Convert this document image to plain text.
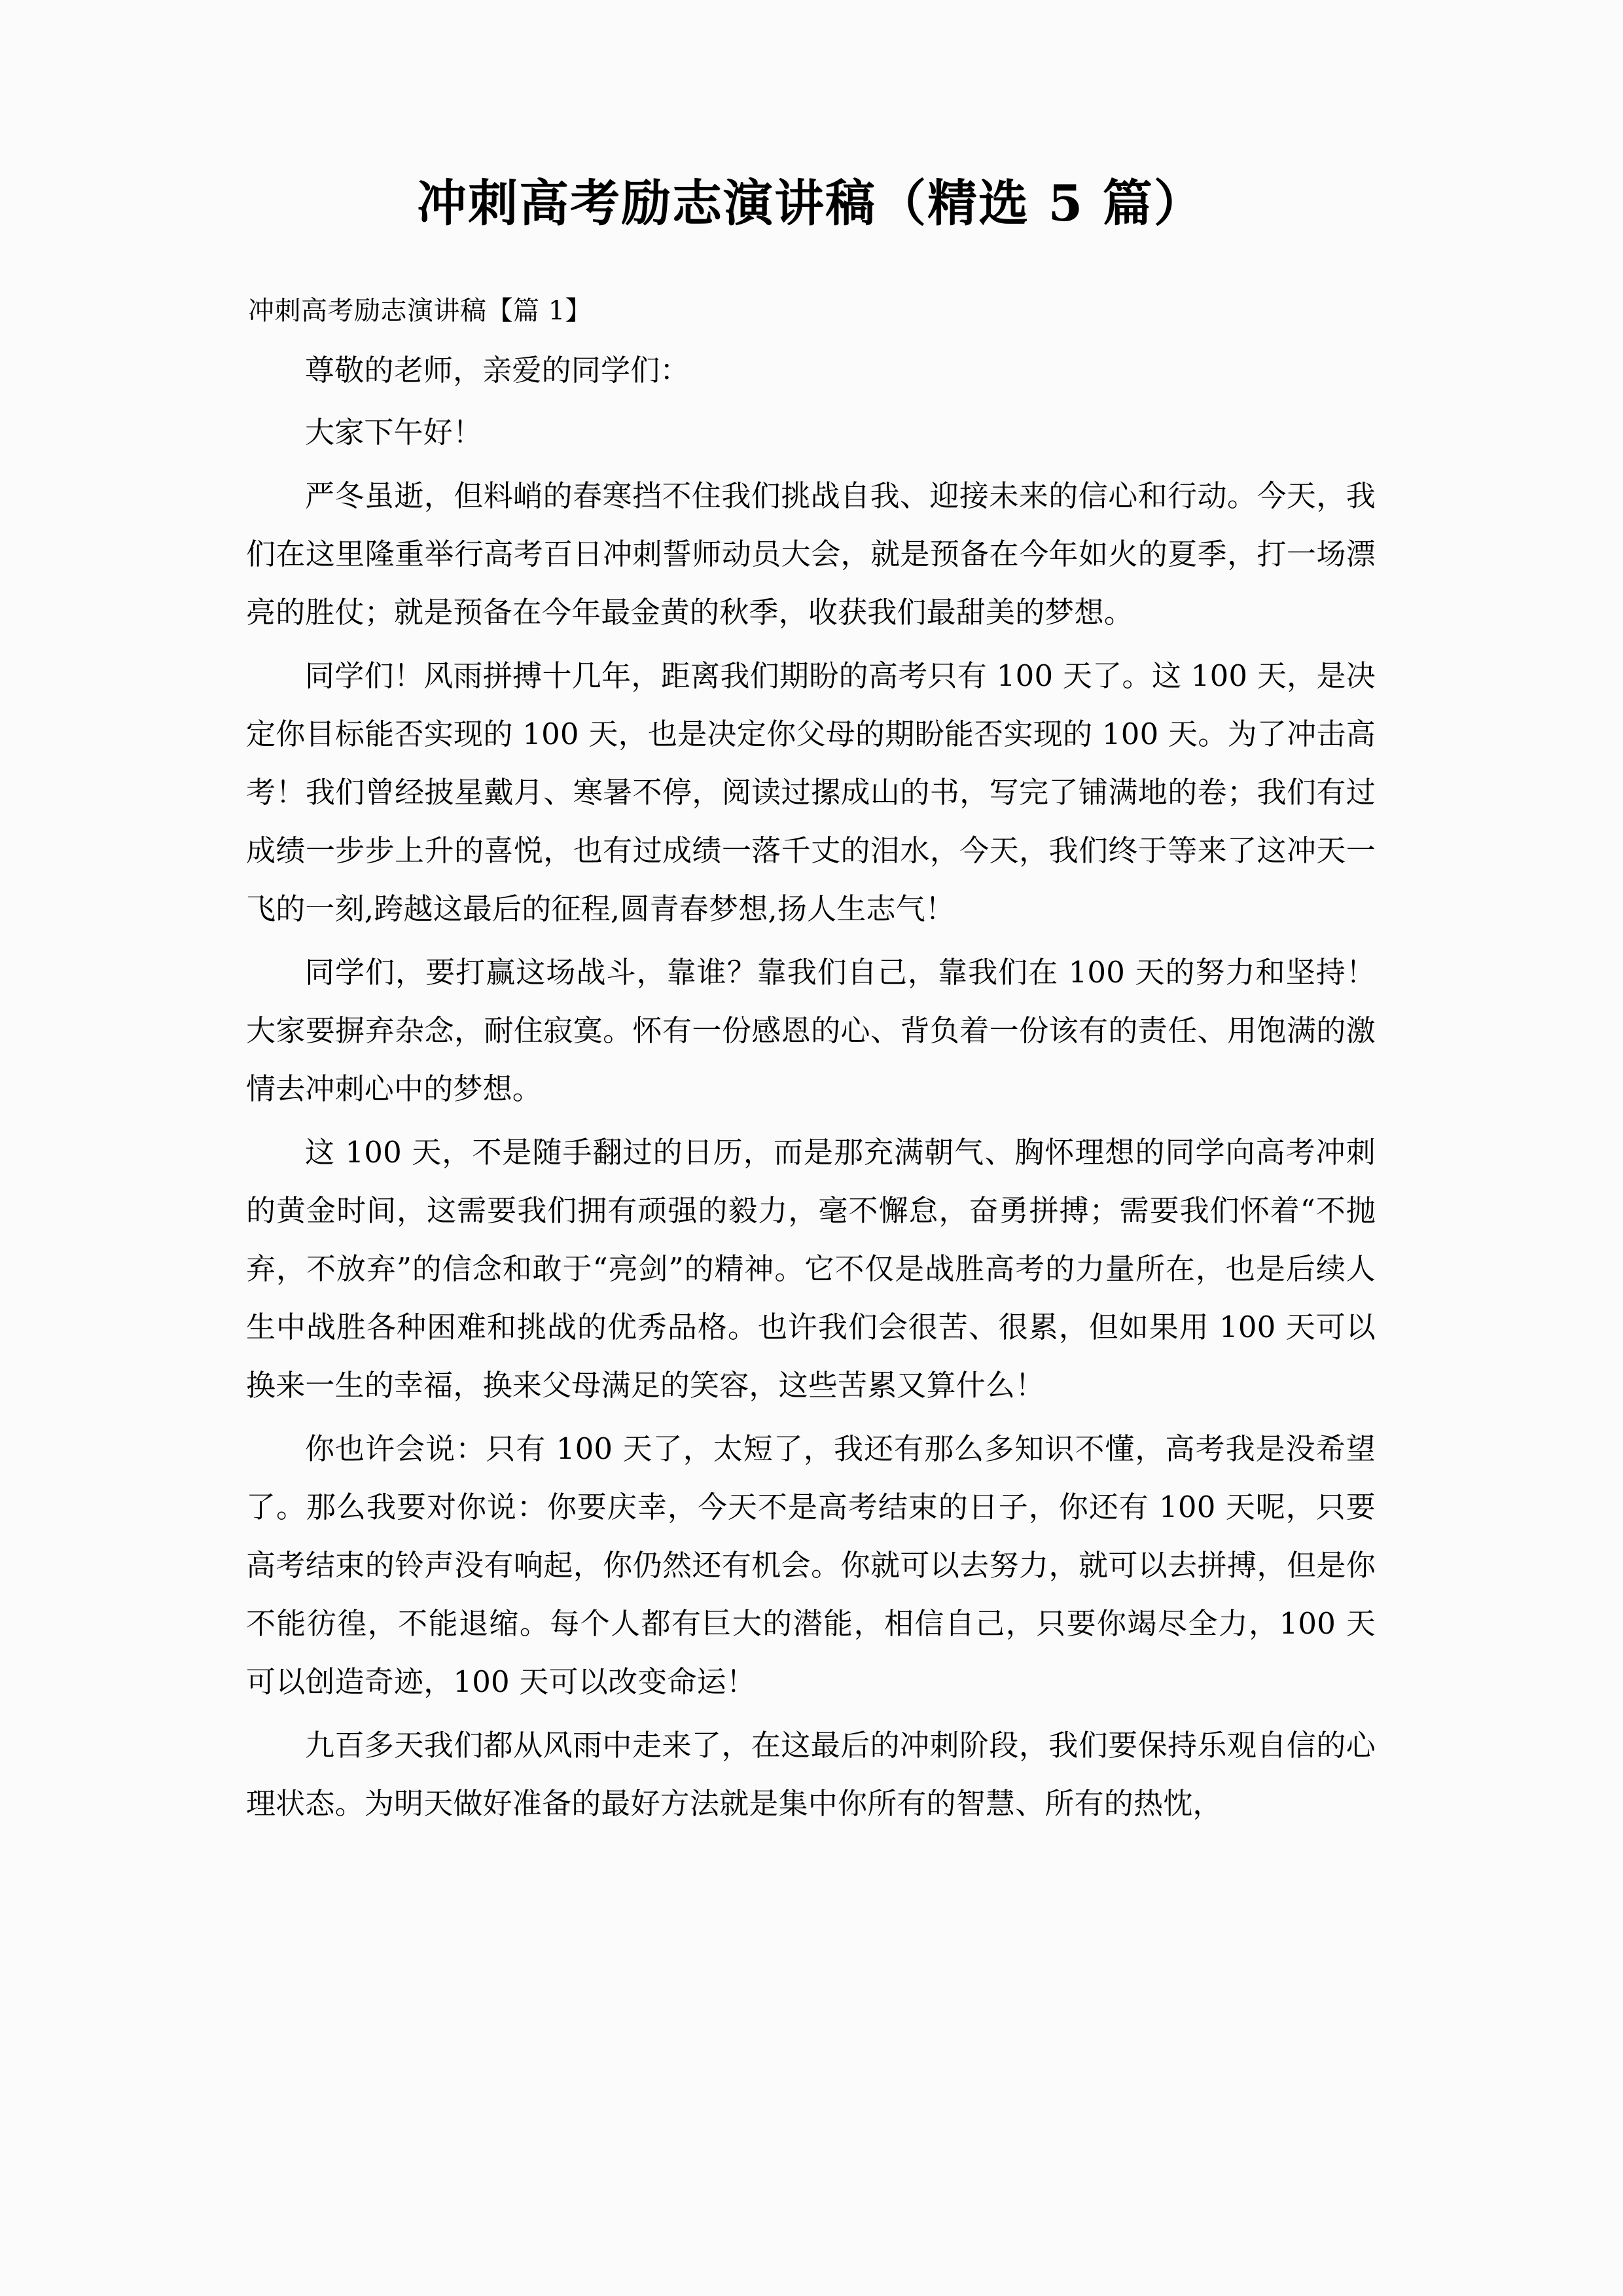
冲刺高考励志演讲稿（精选 5 篇）
冲刺高考励志演讲稿【篇 1】

尊敬的老师，亲爱的同学们：

大家下午好！

严冬虽逝，但料峭的春寒挡不住我们挑战自我、迎接未来的信心和行动。今天，我们在这里隆重举行高考百日冲刺誓师动员大会，就是预备在今年如火的夏季，打一场漂亮的胜仗；就是预备在今年最金黄的秋季，收获我们最甜美的梦想。

同学们！风雨拼搏十几年，距离我们期盼的高考只有 100 天了。这 100 天，是决定你目标能否实现的 100 天，也是决定你父母的期盼能否实现的 100 天。为了冲击高考！我们曾经披星戴月、寒暑不停，阅读过摞成山的书，写完了铺满地的卷；我们有过成绩一步步上升的喜悦，也有过成绩一落千丈的泪水，今天，我们终于等来了这冲天一飞的一刻,跨越这最后的征程,圆青春梦想,扬人生志气！

同学们，要打赢这场战斗，靠谁？靠我们自己，靠我们在 100 天的努力和坚持！大家要摒弃杂念，耐住寂寞。怀有一份感恩的心、背负着一份该有的责任、用饱满的激情去冲刺心中的梦想。

这 100 天，不是随手翻过的日历，而是那充满朝气、胸怀理想的同学向高考冲刺的黄金时间，这需要我们拥有顽强的毅力，毫不懈怠，奋勇拼搏；需要我们怀着“不抛弃，不放弃”的信念和敢于“亮剑”的精神。它不仅是战胜高考的力量所在，也是后续人生中战胜各种困难和挑战的优秀品格。也许我们会很苦、很累，但如果用 100 天可以换来一生的幸福，换来父母满足的笑容，这些苦累又算什么！

你也许会说：只有 100 天了，太短了，我还有那么多知识不懂，高考我是没希望了。那么我要对你说：你要庆幸，今天不是高考结束的日子，你还有 100 天呢，只要高考结束的铃声没有响起，你仍然还有机会。你就可以去努力，就可以去拼搏，但是你不能彷徨，不能退缩。每个人都有巨大的潜能，相信自己，只要你竭尽全力，100 天可以创造奇迹，100 天可以改变命运！

九百多天我们都从风雨中走来了，在这最后的冲刺阶段，我们要保持乐观自信的心理状态。为明天做好准备的最好方法就是集中你所有的智慧、所有的热忱，
